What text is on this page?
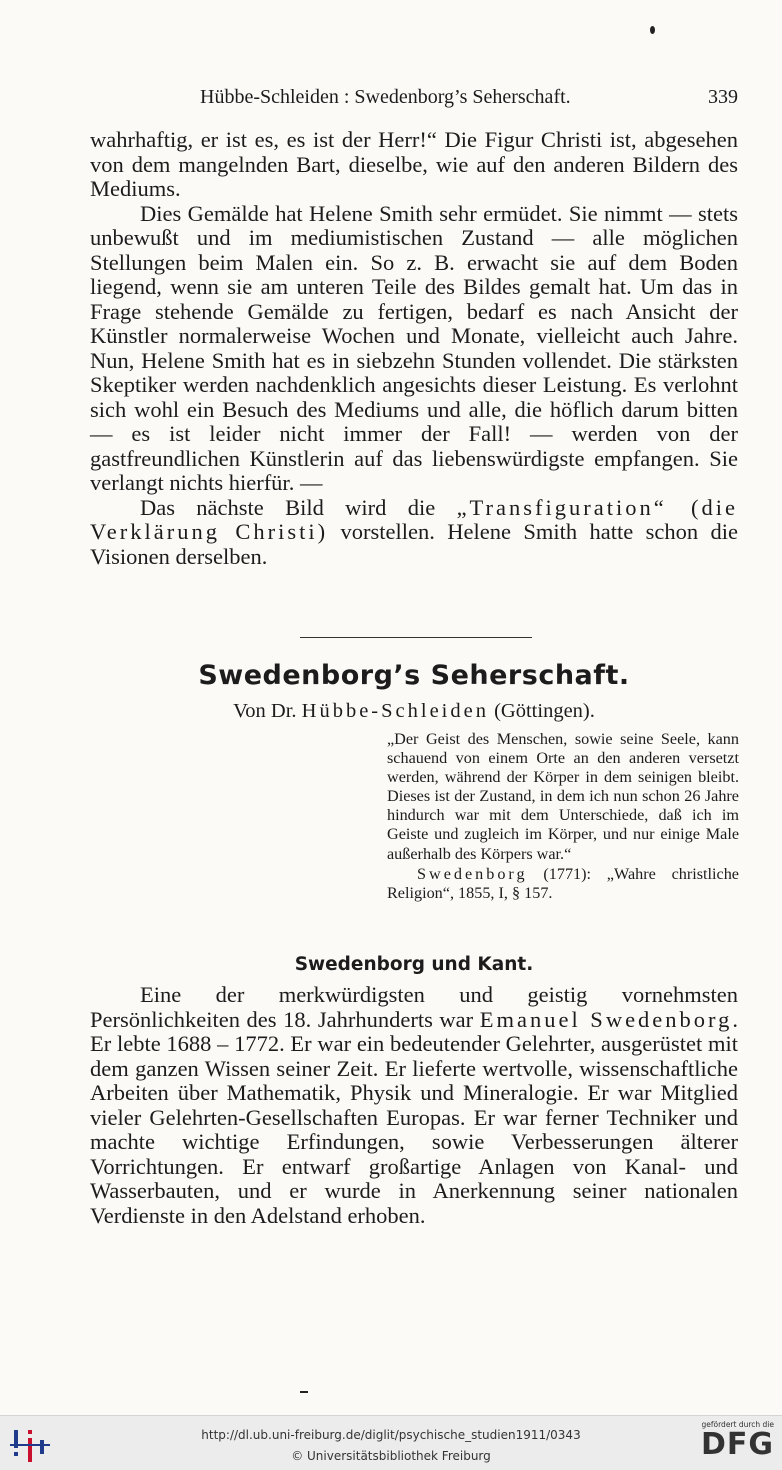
Hübbe-Schleiden : Swedenborg’s Seherschaft.	339

wahrhaftig, er ist es, es ist der Herr!“ Die Figur Christi ist, abgesehen von dem mangelnden Bart, dieselbe, wie auf den anderen Bildern des Mediums.

Dies Gemälde hat Helene Smith sehr ermüdet. Sie nimmt — stets unbewußt und im mediumistischen Zustand — alle möglichen Stellungen beim Malen ein. So z. B. erwacht sie auf dem Boden liegend, wenn sie am unteren Teile des Bildes gemalt hat. Um das in Frage stehende Gemälde zu fertigen, bedarf es nach Ansicht der Künstler normalerweise Wochen und Monate, vielleicht auch Jahre. Nun, Helene Smith hat es in siebzehn Stunden vollendet. Die stärksten Skeptiker werden nachdenklich angesichts dieser Leistung. Es verlohnt sich wohl ein Besuch des Mediums und alle, die höflich darum bitten — es ist leider nicht immer der Fall! — werden von der gastfreundlichen Künstlerin auf das liebenswürdigste empfangen. Sie verlangt nichts hierfür. —

Das nächste Bild wird die „Transfiguration“ (die Verklärung Christi) vorstellen. Helene Smith hatte schon die Visionen derselben.

Swedenborg’s Seherschaft.
Von Dr. Hübbe-Schleiden (Göttingen).

„Der Geist des Menschen, sowie seine Seele, kann schauend von einem Orte an den anderen versetzt werden, während der Körper in dem seinigen bleibt. Dieses ist der Zustand, in dem ich nun schon 26 Jahre hindurch war mit dem Unterschiede, daß ich im Geiste und zugleich im Körper, und nur einige Male außerhalb des Körpers war.“

Swedenborg (1771): „Wahre christliche Religion“, 1855, I, § 157.

Swedenborg und Kant.

Eine der merkwürdigsten und geistig vornehmsten Persönlichkeiten des 18. Jahrhunderts war Emanuel Swedenborg. Er lebte 1688 – 1772. Er war ein bedeutender Gelehrter, ausgerüstet mit dem ganzen Wissen seiner Zeit. Er lieferte wertvolle, wissenschaftliche Arbeiten über Mathematik, Physik und Mineralogie. Er war Mitglied vieler Gelehrten-Gesellschaften Europas. Er war ferner Techniker und machte wichtige Erfindungen, sowie Verbesserungen älterer Vorrichtungen. Er entwarf großartige Anlagen von Kanal- und Wasserbauten, und er wurde in Anerkennung seiner nationalen Verdienste in den Adelstand erhoben.

http://dl.ub.uni-freiburg.de/diglit/psychische_studien1911/0343
© Universitätsbibliothek Freiburg
gefördert durch die
DFG
